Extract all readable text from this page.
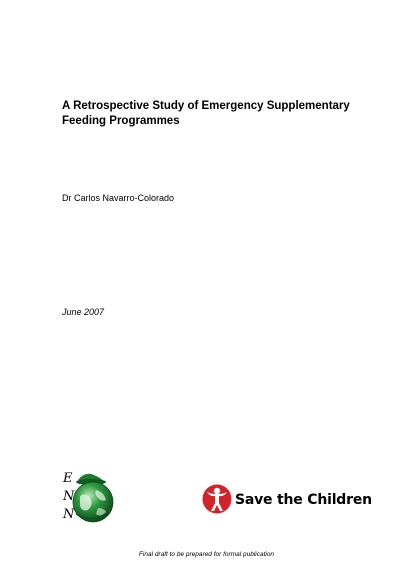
A Retrospective Study of Emergency Supplementary
Feeding Programmes
Dr Carlos Navarro-Colorado
June 2007
E
N
N
Save the Children
Final draft to be prepared for formal publication
